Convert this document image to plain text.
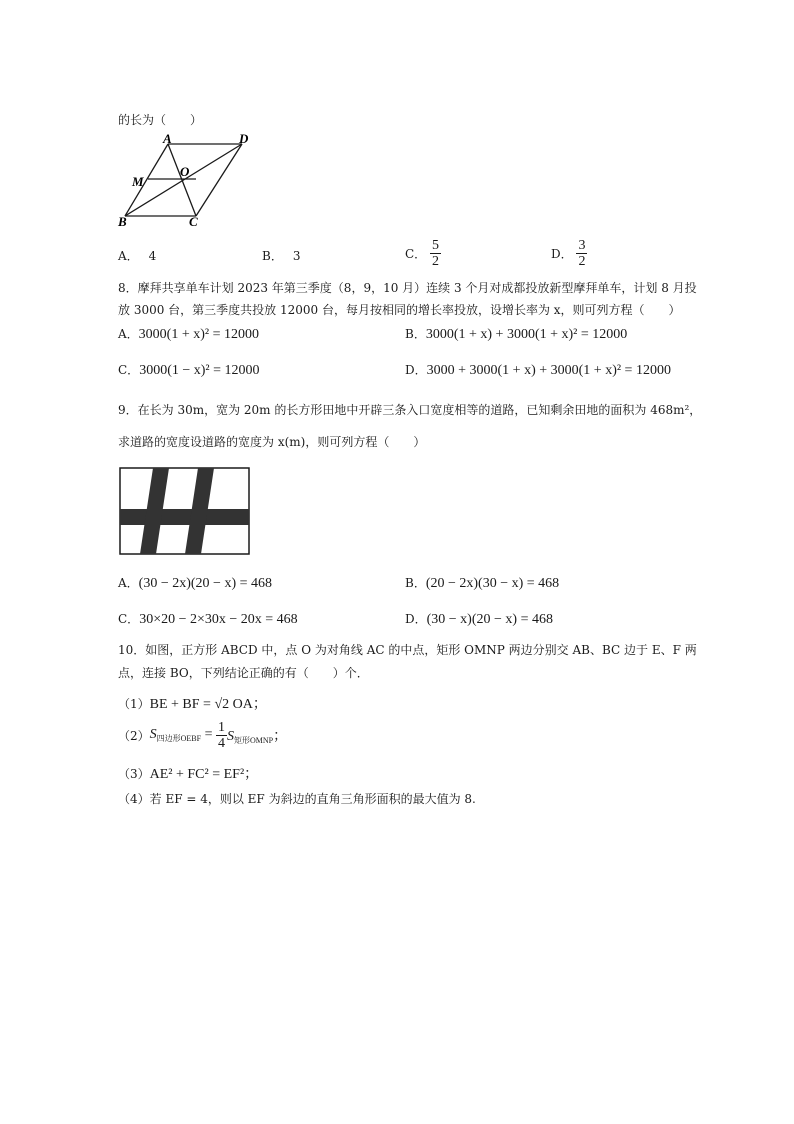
的长为（　　）
A	D
M
O
B	C
A． 4	B． 3	C． $\frac{5}{2}$	D． $\frac{3}{2}$
8．摩拜共享单车计划 2023 年第三季度（8，9，10 月）连续 3 个月对成都投放新型摩拜单车，计划 8 月投
放 3000 台，第三季度共投放 12000 台，每月按相同的增长率投放，设增长率为 x，则可列方程（　　）
A．3000(1 + x)² = 12000	B．3000(1 + x) + 3000(1 + x)² = 12000
C．3000(1 − x)² = 12000	D．3000 + 3000(1 + x) + 3000(1 + x)² = 12000
9．在长为 30m，宽为 20m 的长方形田地中开辟三条入口宽度相等的道路，已知剩余田地的面积为 468m²，
求道路的宽度设道路的宽度为 x(m)，则可列方程（　　）
A．(30 − 2x)(20 − x) = 468	B．(20 − 2x)(30 − x) = 468
C．30×20 − 2×30x − 20x = 468	D．(30 − x)(20 − x) = 468
10．如图，正方形 ABCD 中，点 O 为对角线 AC 的中点，矩形 OMNP 两边分别交 AB、BC 边于 E、F 两
点，连接 BO，下列结论正确的有（　　）个．
（1）BE + BF = √2 OA；
$(2)S_{四边形OEBF} = \frac{1}{4} S_{矩形OMNP}$；
（3）AE² + FC² = EF²；
（4）若 EF = 4，则以 EF 为斜边的直角三角形面积的最大值为 8.
